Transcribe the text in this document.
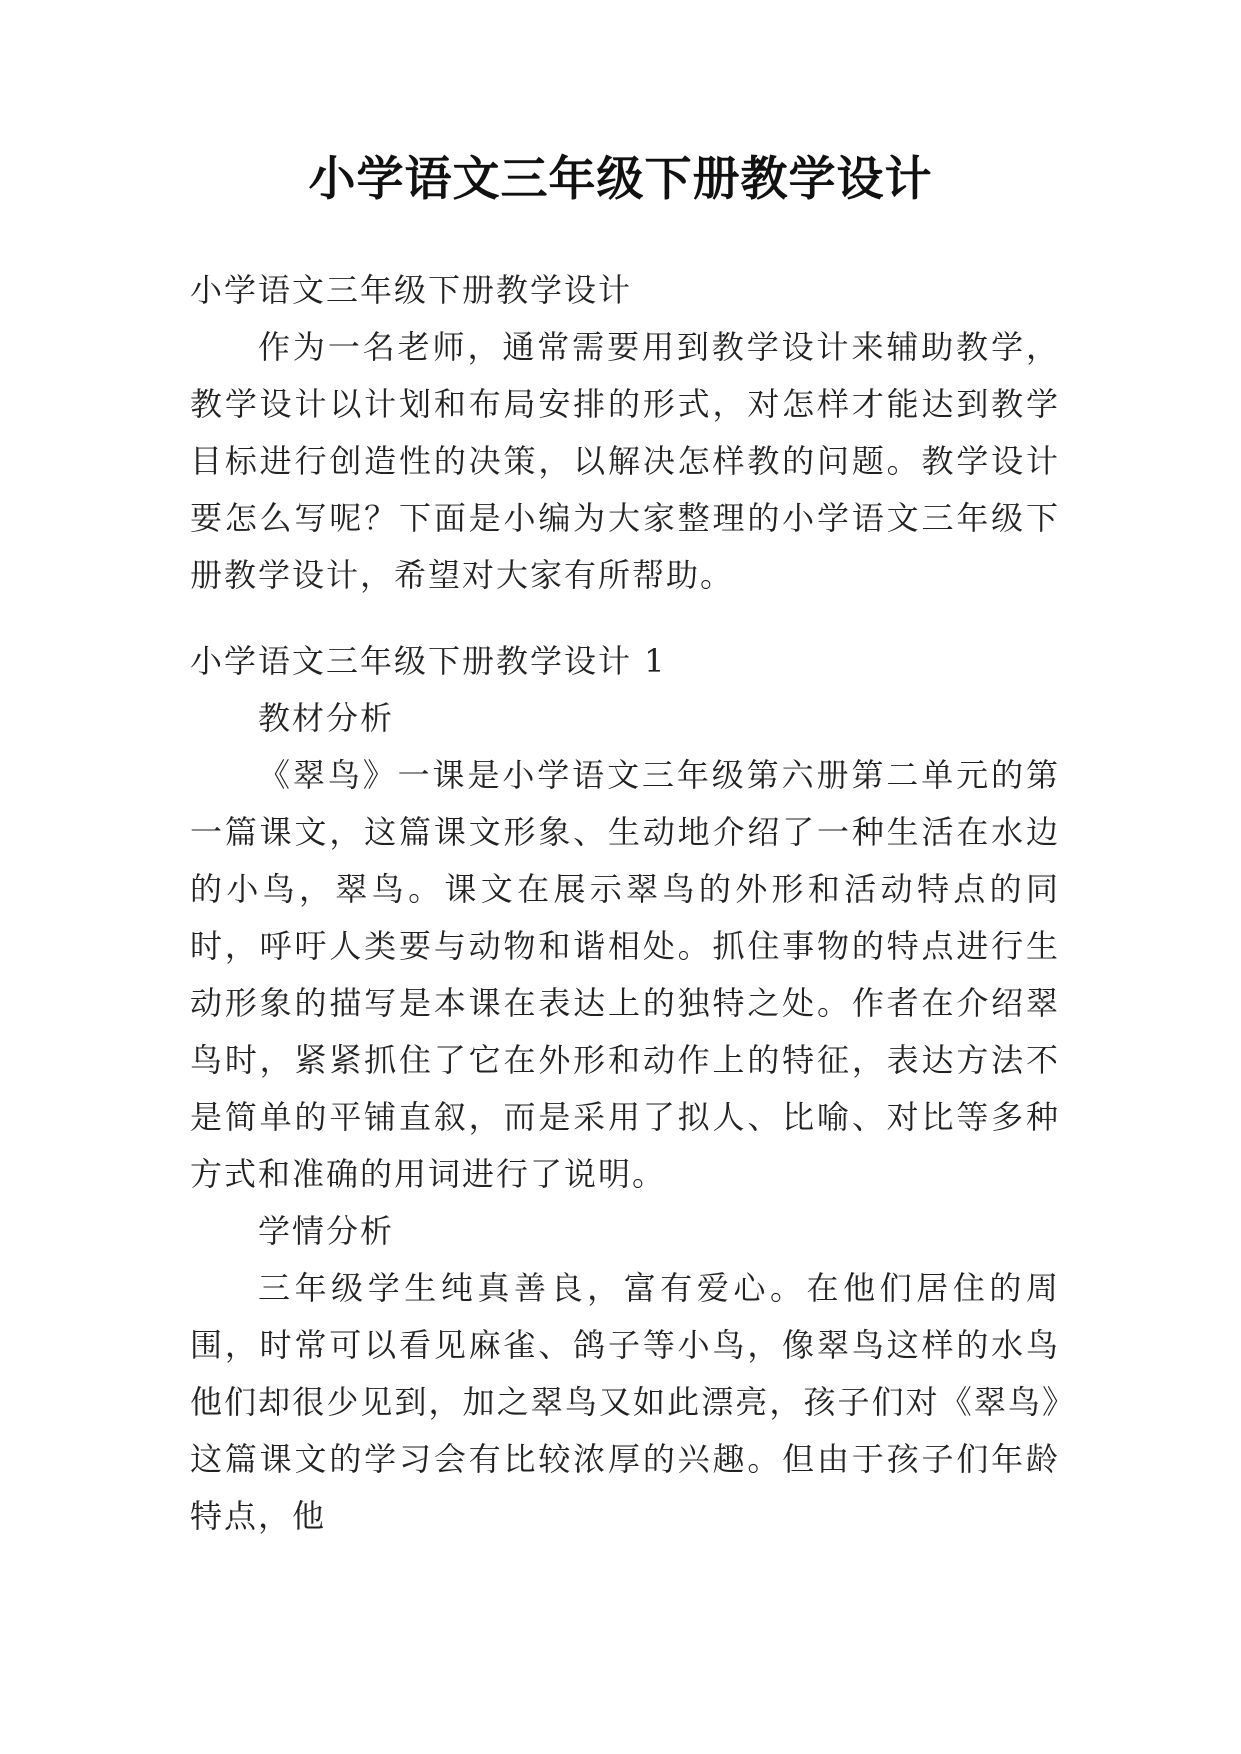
小学语文三年级下册教学设计

小学语文三年级下册教学设计

作为一名老师，通常需要用到教学设计来辅助教学，教学设计以计划和布局安排的形式，对怎样才能达到教学目标进行创造性的决策，以解决怎样教的问题。教学设计要怎么写呢？下面是小编为大家整理的小学语文三年级下册教学设计，希望对大家有所帮助。

小学语文三年级下册教学设计 1

教材分析

《翠鸟》一课是小学语文三年级第六册第二单元的第一篇课文，这篇课文形象、生动地介绍了一种生活在水边的小鸟，翠鸟。课文在展示翠鸟的外形和活动特点的同时，呼吁人类要与动物和谐相处。抓住事物的特点进行生动形象的描写是本课在表达上的独特之处。作者在介绍翠鸟时，紧紧抓住了它在外形和动作上的特征，表达方法不是简单的平铺直叙，而是采用了拟人、比喻、对比等多种方式和准确的用词进行了说明。

学情分析

三年级学生纯真善良，富有爱心。在他们居住的周围，时常可以看见麻雀、鸽子等小鸟，像翠鸟这样的水鸟他们却很少见到，加之翠鸟又如此漂亮，孩子们对《翠鸟》这篇课文的学习会有比较浓厚的兴趣。但由于孩子们年龄特点，他
